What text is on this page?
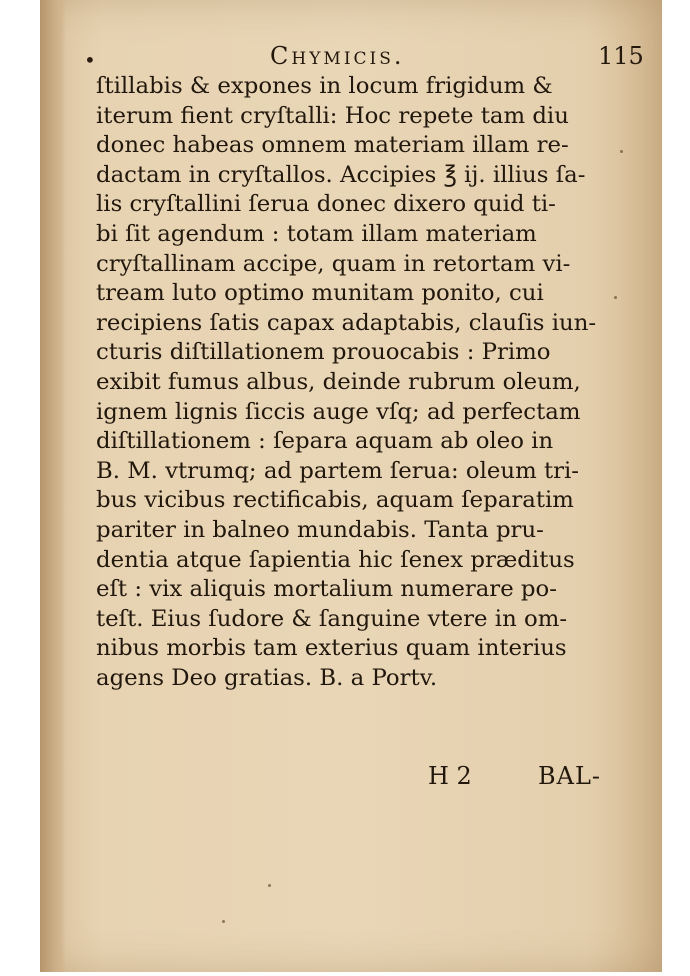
•	Chymicis.	115
ſtillabis & expones in locum frigidum &
iterum fient cryſtalli: Hoc repete tam diu
donec habeas omnem materiam illam re-
dactam in cryſtallos. Accipies ℥ ij. illius ſa-
lis cryſtallini ſerua donec dixero quid ti-
bi ſit agendum : totam illam materiam
cryſtallinam accipe, quam in retortam vi-
tream luto optimo munitam ponito, cui
recipiens ſatis capax adaptabis, clauſis iun-
cturis diſtillationem prouocabis : Primo
exibit fumus albus, deinde rubrum oleum,
ignem lignis ſiccis auge vſq; ad perfectam
diſtillationem : ſepara aquam ab oleo in
B. M. vtrumq; ad partem ſerua: oleum tri-
bus vicibus rectificabis, aquam ſeparatim
pariter in balneo mundabis. Tanta pru-
dentia atque ſapientia hic ſenex præditus
eſt : vix aliquis mortalium numerare po-
teſt. Eius ſudore & ſanguine vtere in om-
nibus morbis tam exterius quam interius
agens Deo gratias. B. a Portv.
H 2	BAL-
